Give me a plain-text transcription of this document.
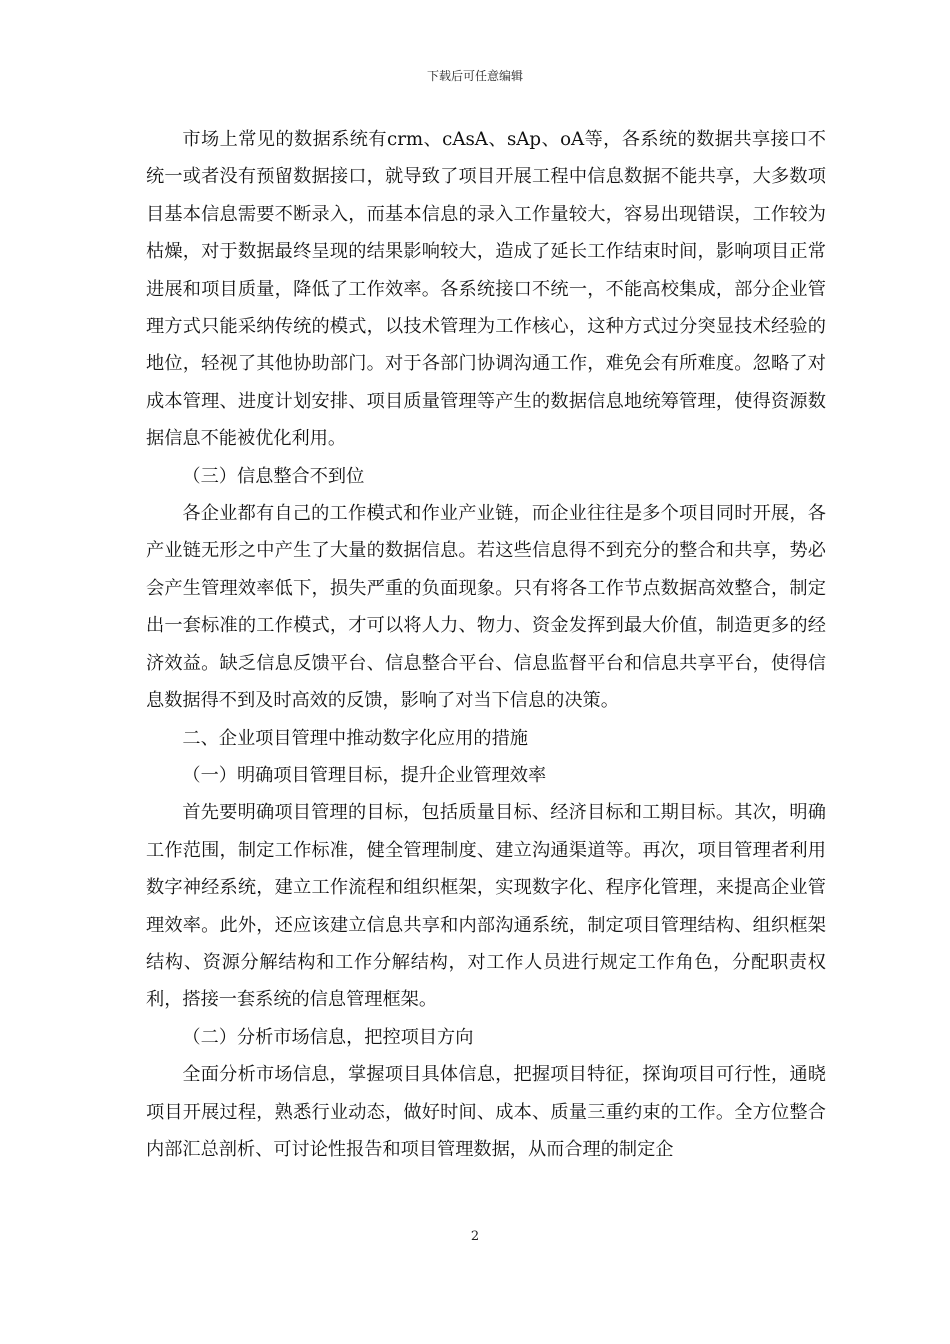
下载后可任意编辑

市场上常见的数据系统有crm、cAsA、sAp、oA等，各系统的数据共享接口不统一或者没有预留数据接口，就导致了项目开展工程中信息数据不能共享，大多数项目基本信息需要不断录入，而基本信息的录入工作量较大，容易出现错误，工作较为枯燥，对于数据最终呈现的结果影响较大，造成了延长工作结束时间，影响项目正常进展和项目质量，降低了工作效率。各系统接口不统一，不能高校集成，部分企业管理方式只能采纳传统的模式，以技术管理为工作核心，这种方式过分突显技术经验的地位，轻视了其他协助部门。对于各部门协调沟通工作，难免会有所难度。忽略了对成本管理、进度计划安排、项目质量管理等产生的数据信息地统筹管理，使得资源数据信息不能被优化利用。

（三）信息整合不到位

各企业都有自己的工作模式和作业产业链，而企业往往是多个项目同时开展，各产业链无形之中产生了大量的数据信息。若这些信息得不到充分的整合和共享，势必会产生管理效率低下，损失严重的负面现象。只有将各工作节点数据高效整合，制定出一套标准的工作模式，才可以将人力、物力、资金发挥到最大价值，制造更多的经济效益。缺乏信息反馈平台、信息整合平台、信息监督平台和信息共享平台，使得信息数据得不到及时高效的反馈，影响了对当下信息的决策。

二、企业项目管理中推动数字化应用的措施

（一）明确项目管理目标，提升企业管理效率

首先要明确项目管理的目标，包括质量目标、经济目标和工期目标。其次，明确工作范围，制定工作标准，健全管理制度、建立沟通渠道等。再次，项目管理者利用数字神经系统，建立工作流程和组织框架，实现数字化、程序化管理，来提高企业管理效率。此外，还应该建立信息共享和内部沟通系统，制定项目管理结构、组织框架结构、资源分解结构和工作分解结构，对工作人员进行规定工作角色，分配职责权利，搭接一套系统的信息管理框架。

（二）分析市场信息，把控项目方向

全面分析市场信息，掌握项目具体信息，把握项目特征，探询项目可行性，通晓项目开展过程，熟悉行业动态，做好时间、成本、质量三重约束的工作。全方位整合内部汇总剖析、可讨论性报告和项目管理数据，从而合理的制定企

2
